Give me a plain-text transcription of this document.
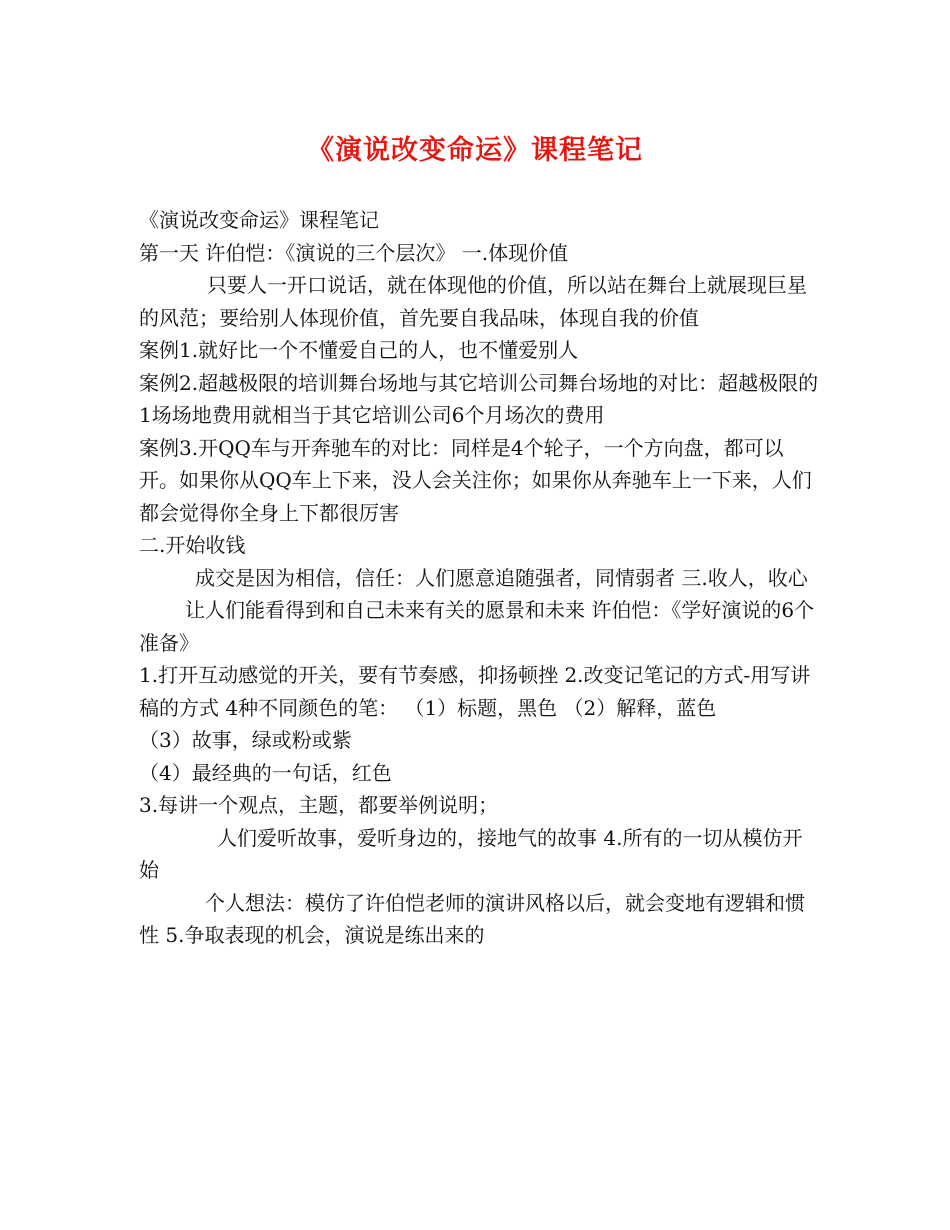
《演说改变命运》课程笔记

《演说改变命运》课程笔记

第一天 许伯恺：《演说的三个层次》 一.体现价值

只要人一开口说话，就在体现他的价值，所以站在舞台上就展现巨星的风范；要给别人体现价值，首先要自我品味，体现自我的价值

案例1.就好比一个不懂爱自己的人，也不懂爱别人

案例2.超越极限的培训舞台场地与其它培训公司舞台场地的对比：超越极限的1场场地费用就相当于其它培训公司6个月场次的费用

案例3.开QQ车与开奔驰车的对比：同样是4个轮子，一个方向盘，都可以开。如果你从QQ车上下来，没人会关注你；如果你从奔驰车上一下来，人们都会觉得你全身上下都很厉害

二.开始收钱

成交是因为相信，信任：人们愿意追随强者，同情弱者 三.收人，收心

让人们能看得到和自己未来有关的愿景和未来 许伯恺：《学好演说的6个准备》

1.打开互动感觉的开关，要有节奏感，抑扬顿挫 2.改变记笔记的方式-用写讲稿的方式 4种不同颜色的笔： （1）标题，黑色 （2）解释，蓝色

（3）故事，绿或粉或紫

（4）最经典的一句话，红色

3.每讲一个观点，主题，都要举例说明；

人们爱听故事，爱听身边的，接地气的故事 4.所有的一切从模仿开始

个人想法：模仿了许伯恺老师的演讲风格以后，就会变地有逻辑和惯性 5.争取表现的机会，演说是练出来的
